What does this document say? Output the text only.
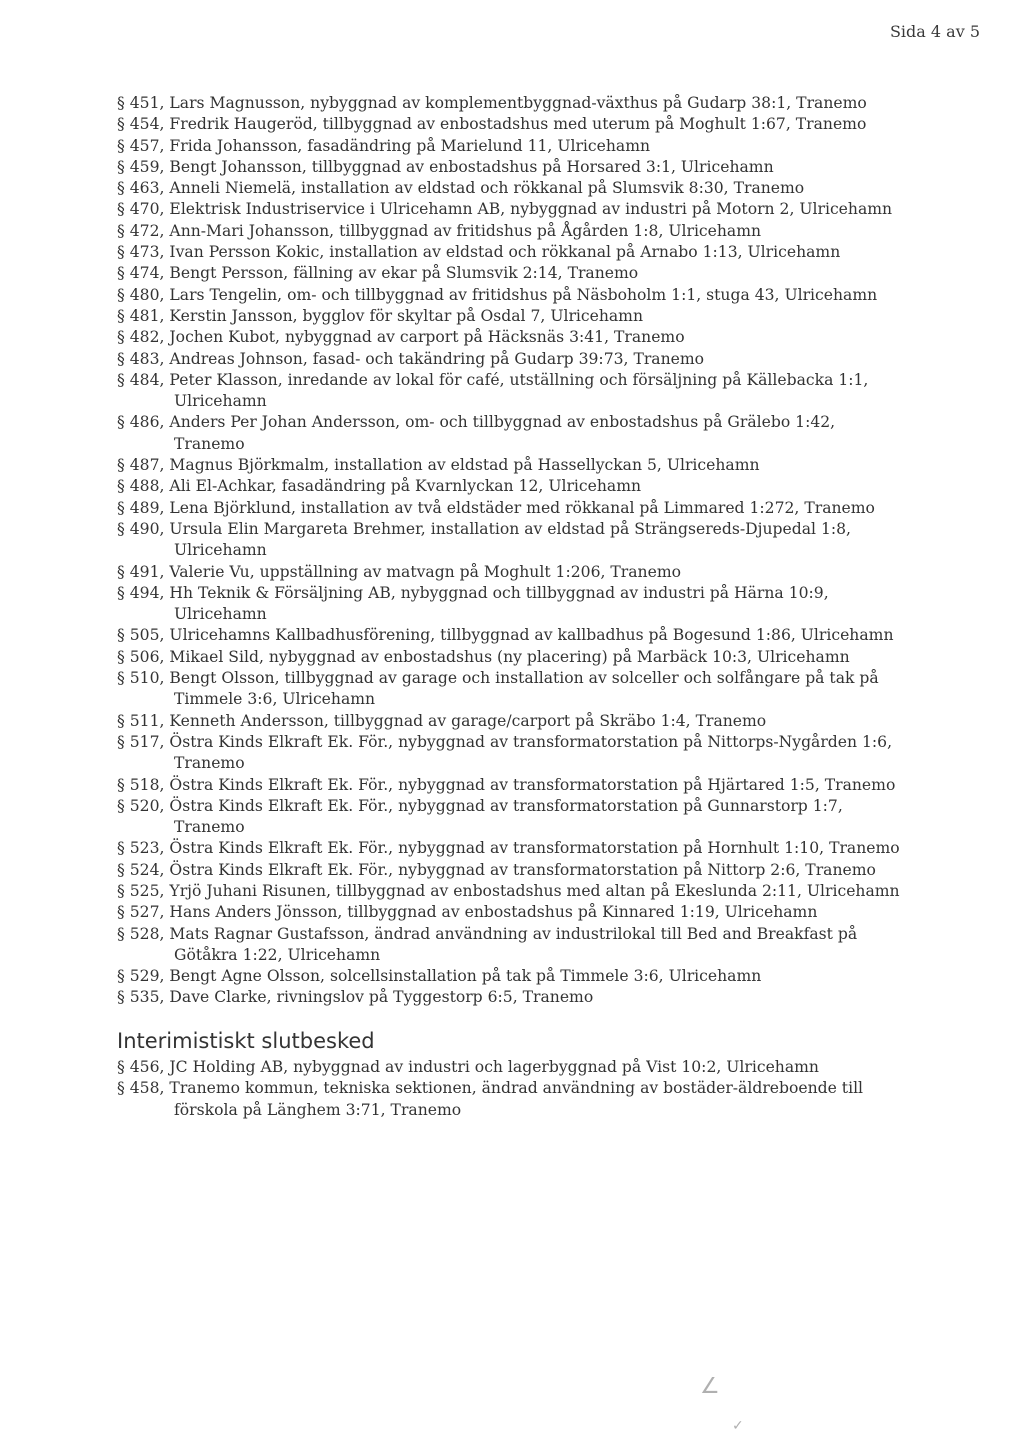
Sida 4 av 5

§ 451, Lars Magnusson, nybyggnad av komplementbyggnad-växthus på Gudarp 38:1, Tranemo

§ 454, Fredrik Haugeröd, tillbyggnad av enbostadshus med uterum på Moghult 1:67, Tranemo

§ 457, Frida Johansson, fasadändring på Marielund 11, Ulricehamn

§ 459, Bengt Johansson, tillbyggnad av enbostadshus på Horsared 3:1, Ulricehamn

§ 463, Anneli Niemelä, installation av eldstad och rökkanal på Slumsvik 8:30, Tranemo

§ 470, Elektrisk Industriservice i Ulricehamn AB, nybyggnad av industri på Motorn 2, Ulricehamn

§ 472, Ann-Mari Johansson, tillbyggnad av fritidshus på Ågården 1:8, Ulricehamn

§ 473, Ivan Persson Kokic, installation av eldstad och rökkanal på Arnabo 1:13, Ulricehamn

§ 474, Bengt Persson, fällning av ekar på Slumsvik 2:14, Tranemo

§ 480, Lars Tengelin, om- och tillbyggnad av fritidshus på Näsboholm 1:1, stuga 43, Ulricehamn

§ 481, Kerstin Jansson, bygglov för skyltar på Osdal 7, Ulricehamn

§ 482, Jochen Kubot, nybyggnad av carport på Häcksnäs 3:41, Tranemo

§ 483, Andreas Johnson, fasad- och takändring på Gudarp 39:73, Tranemo

§ 484, Peter Klasson, inredande av lokal för café, utställning och försäljning på Källebacka 1:1, Ulricehamn

§ 486, Anders Per Johan Andersson, om- och tillbyggnad av enbostadshus på Grälebo 1:42, Tranemo

§ 487, Magnus Björkmalm, installation av eldstad på Hassellyckan 5, Ulricehamn

§ 488, Ali El-Achkar, fasadändring på Kvarnlyckan 12, Ulricehamn

§ 489, Lena Björklund, installation av två eldstäder med rökkanal på Limmared 1:272, Tranemo

§ 490, Ursula Elin Margareta Brehmer, installation av eldstad på Strängsereds-Djupedal 1:8, Ulricehamn

§ 491, Valerie Vu, uppställning av matvagn på Moghult 1:206, Tranemo

§ 494, Hh Teknik & Försäljning AB, nybyggnad och tillbyggnad av industri på Härna 10:9, Ulricehamn

§ 505, Ulricehamns Kallbadhusförening, tillbyggnad av kallbadhus på Bogesund 1:86, Ulricehamn

§ 506, Mikael Sild, nybyggnad av enbostadshus (ny placering) på Marbäck 10:3, Ulricehamn

§ 510, Bengt Olsson, tillbyggnad av garage och installation av solceller och solfångare på tak på Timmele 3:6, Ulricehamn

§ 511, Kenneth Andersson, tillbyggnad av garage/carport på Skräbo 1:4, Tranemo

§ 517, Östra Kinds Elkraft Ek. För., nybyggnad av transformatorstation på Nittorps-Nygården 1:6, Tranemo

§ 518, Östra Kinds Elkraft Ek. För., nybyggnad av transformatorstation på Hjärtared 1:5, Tranemo

§ 520, Östra Kinds Elkraft Ek. För., nybyggnad av transformatorstation på Gunnarstorp 1:7, Tranemo

§ 523, Östra Kinds Elkraft Ek. För., nybyggnad av transformatorstation på Hornhult 1:10, Tranemo

§ 524, Östra Kinds Elkraft Ek. För., nybyggnad av transformatorstation på Nittorp 2:6, Tranemo

§ 525, Yrjö Juhani Risunen, tillbyggnad av enbostadshus med altan på Ekeslunda 2:11, Ulricehamn

§ 527, Hans Anders Jönsson, tillbyggnad av enbostadshus på Kinnared 1:19, Ulricehamn

§ 528, Mats Ragnar Gustafsson, ändrad användning av industrilokal till Bed and Breakfast på Götåkra 1:22, Ulricehamn

§ 529, Bengt Agne Olsson, solcellsinstallation på tak på Timmele 3:6, Ulricehamn

§ 535, Dave Clarke, rivningslov på Tyggestorp 6:5, Tranemo

Interimistiskt slutbesked

§ 456, JC Holding AB, nybyggnad av industri och lagerbyggnad på Vist 10:2, Ulricehamn

§ 458, Tranemo kommun, tekniska sektionen, ändrad användning av bostäder-äldreboende till förskola på Länghem 3:71, Tranemo

∠
✓
